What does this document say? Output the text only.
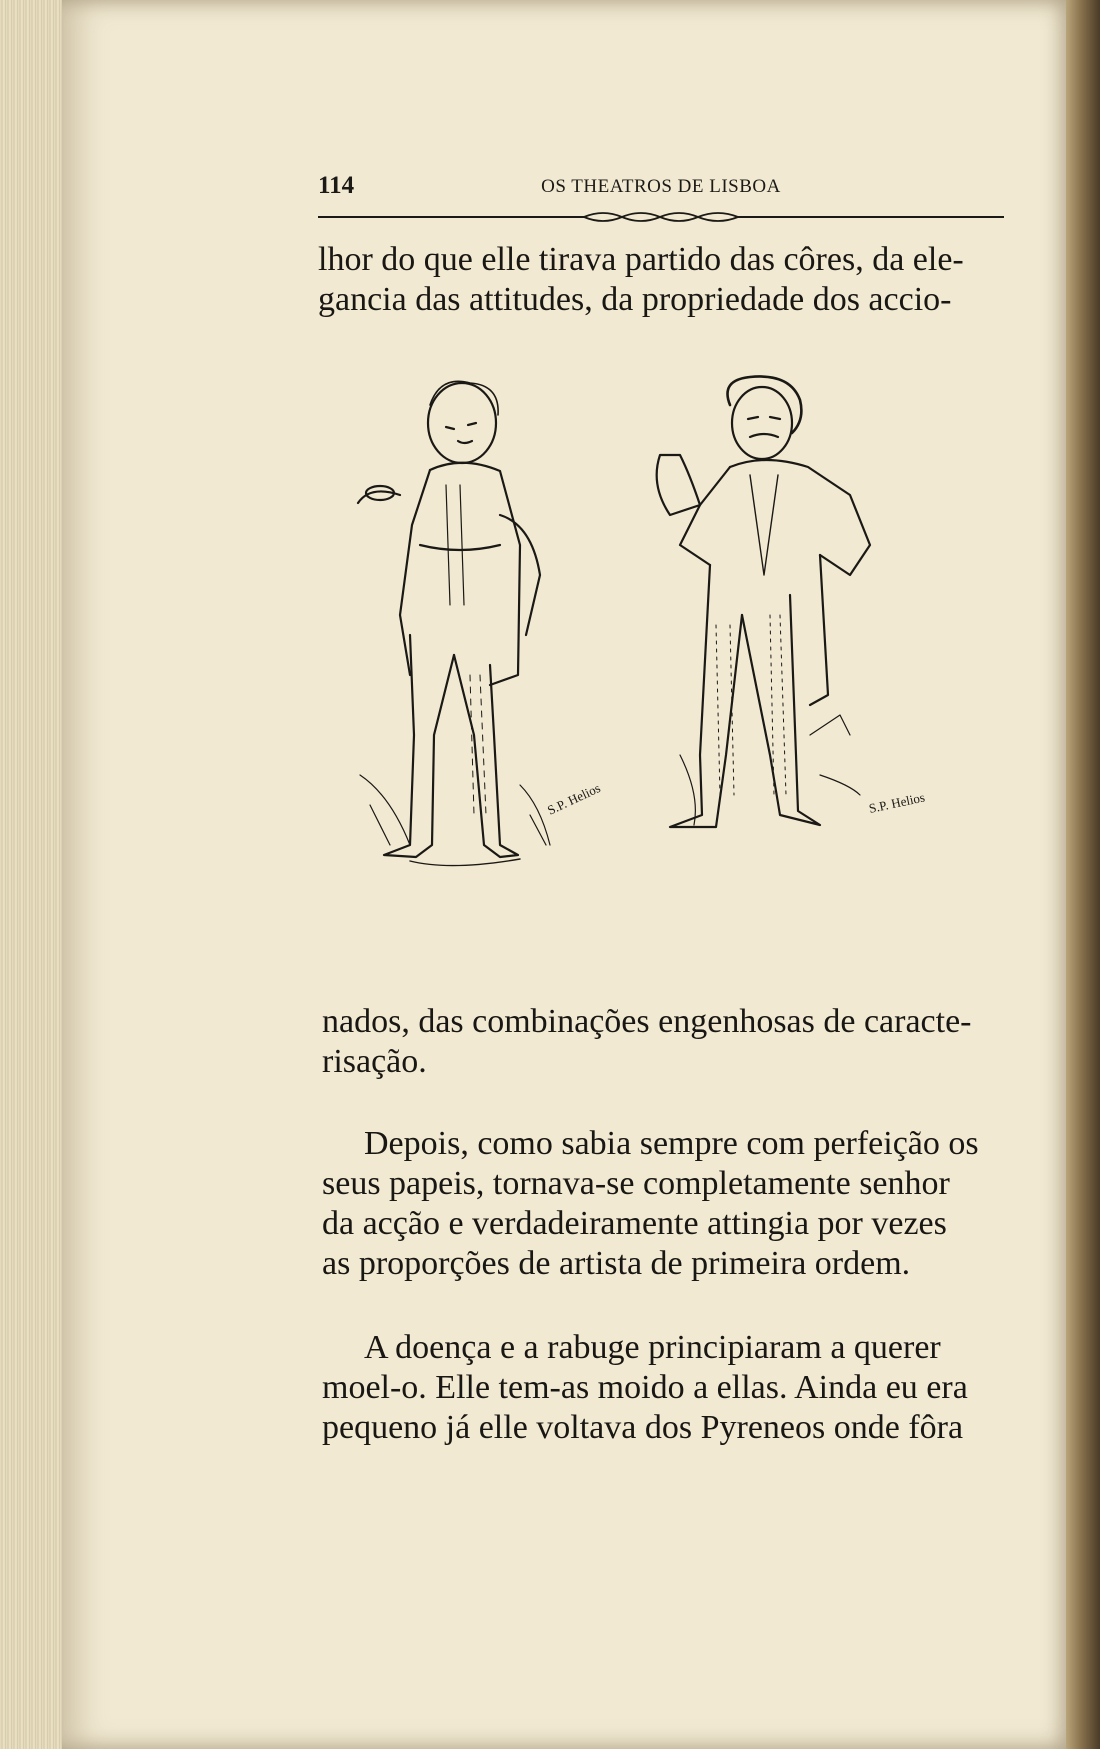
114	OS THEATROS DE LISBOA

lhor do que elle tirava partido das côres, da ele-
gancia das attitudes, da propriedade dos accio-

S.P. Helios	S.P. Helios

nados, das combinações engenhosas de caracte-
risação.

Depois, como sabia sempre com perfeição os
seus papeis, tornava-se completamente senhor
da acção e verdadeiramente attingia por vezes
as proporções de artista de primeira ordem.

A doença e a rabuge principiaram a querer
moel-o. Elle tem-as moido a ellas. Ainda eu era
pequeno já elle voltava dos Pyreneos onde fôra
